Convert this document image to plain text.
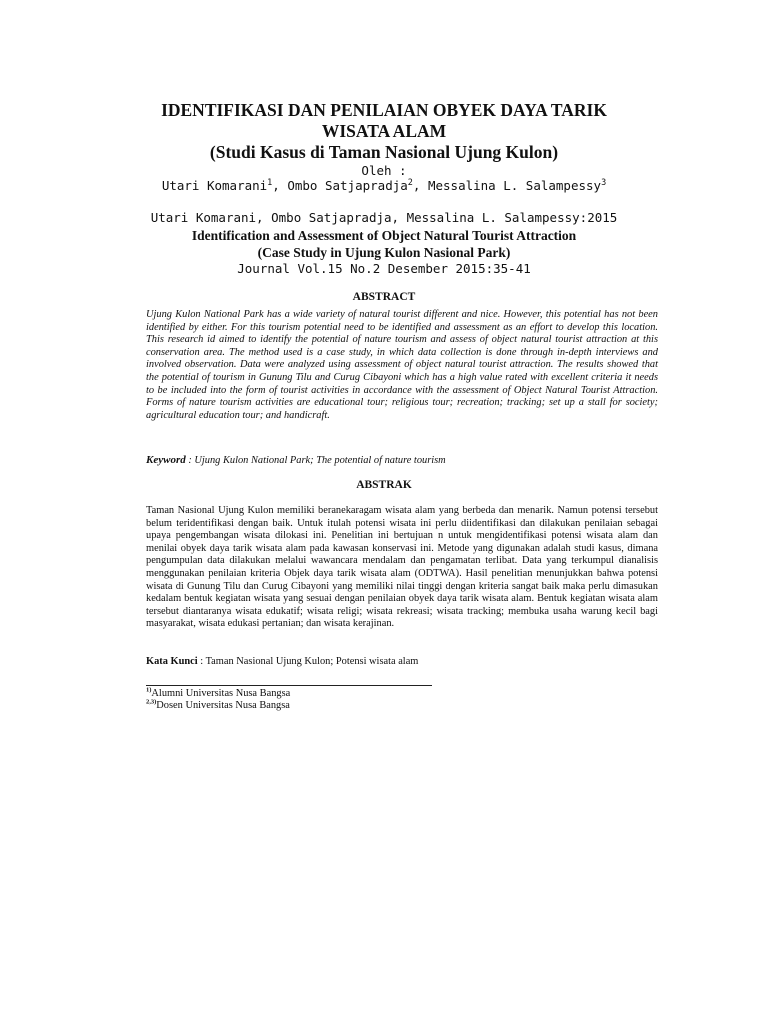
IDENTIFIKASI DAN PENILAIAN OBYEK DAYA TARIK
WISATA ALAM
(Studi Kasus di Taman Nasional Ujung Kulon)
Oleh :
Utari Komarani$^1$, Ombo Satjapradja$^2$, Messalina L. Salampessy$^3$
Utari Komarani, Ombo Satjapradja, Messalina L. Salampessy:2015
Identification and Assessment of Object Natural Tourist Attraction
(Case Study in Ujung Kulon Nasional Park)
Journal Vol.15 No.2 Desember 2015:35-41
ABSTRACT
Ujung Kulon National Park has a wide variety of natural tourist different and nice. However, this potential has not been identified by either. For this tourism potential need to be identified and assessment as an effort to develop this location. This research id aimed to identify the potential of nature tourism and assess of object natural tourist attraction at this conservation area. The method used is a case study, in which data collection is done through in-depth interviews and involved observation. Data were analyzed using assessment of object natural tourist attraction. The results showed that the potential of tourism in Gunung Tilu and Curug Cibayoni which has a high value rated with excellent criteria it needs to be included into the form of tourist activities in accordance with the assessment of Object Natural Tourist Attraction. Forms of nature tourism activities are educational tour; religious tour; recreation; tracking; set up a stall for society; agricultural education tour; and handicraft.
Keyword : Ujung Kulon National Park; The potential of nature tourism
ABSTRAK
Taman Nasional Ujung Kulon memiliki beranekaragam wisata alam yang berbeda dan menarik. Namun potensi tersebut belum teridentifikasi dengan baik. Untuk itulah potensi wisata ini perlu diidentifikasi dan dilakukan penilaian sebagai upaya pengembangan wisata dilokasi ini. Penelitian ini bertujuan n untuk mengidentifikasi potensi wisata alam dan menilai obyek daya tarik wisata alam pada kawasan konservasi ini. Metode yang digunakan adalah studi kasus, dimana pengumpulan data dilakukan melalui wawancara mendalam dan pengamatan terlibat. Data yang terkumpul dianalisis menggunakan penilaian kriteria Objek daya tarik wisata alam (ODTWA). Hasil penelitian menunjukkan bahwa potensi wisata di Gunung Tilu dan Curug Cibayoni yang memiliki nilai tinggi dengan kriteria sangat baik maka perlu dimasukan kedalam bentuk kegiatan wisata yang sesuai dengan penilaian obyek daya tarik wisata alam. Bentuk kegiatan wisata alam tersebut diantaranya wisata edukatif; wisata religi; wisata rekreasi; wisata tracking; membuka usaha warung kecil bagi masyarakat, wisata edukasi pertanian; dan wisata kerajinan.
Kata Kunci : Taman Nasional Ujung Kulon; Potensi wisata alam
$^{1)}$Alumni Universitas Nusa Bangsa
$^{2,3)}$Dosen Universitas Nusa Bangsa
